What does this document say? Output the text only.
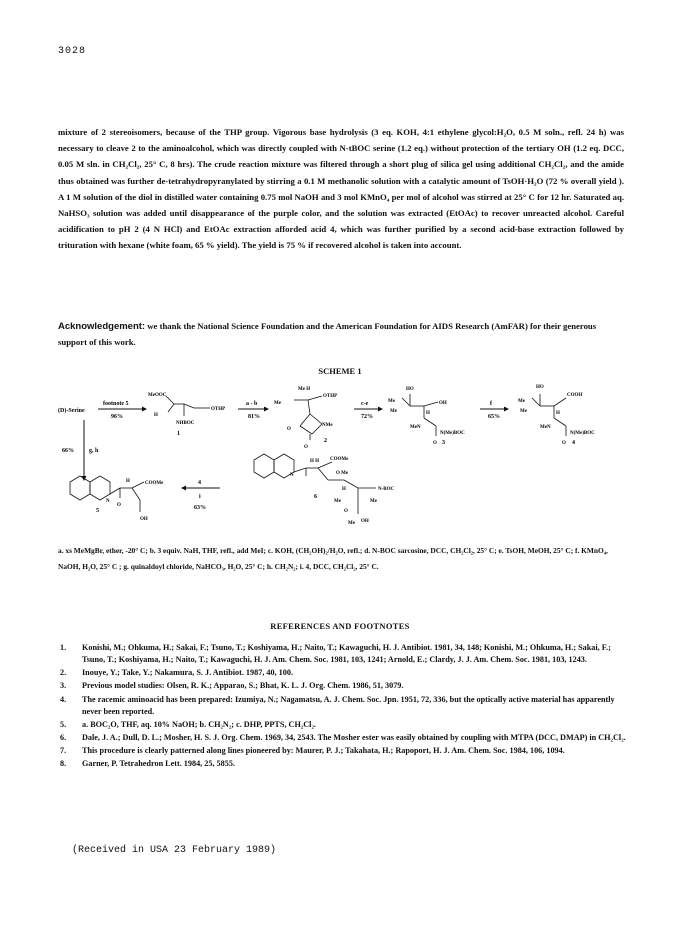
3028

mixture of 2 stereoisomers, because of the THP group. Vigorous base hydrolysis (3 eq. KOH, 4:1 ethylene glycol:H₂O, 0.5 M soln., refl. 24 h) was necessary to cleave 2 to the aminoalcohol, which was directly coupled with N-tBOC serine (1.2 eq.) without protection of the tertiary OH (1.2 eq. DCC, 0.05 M sln. in CH₂Cl₂, 25° C, 8 hrs). The crude reaction mixture was filtered through a short plug of silica gel using additional CH₂Cl₂, and the amide thus obtained was further de-tetrahydropyranylated by stirring a 0.1 M methanolic solution with a catalytic amount of TsOH·H₂O (72 % overall yield ). A 1 M solution of the diol in distilled water containing 0.75 mol NaOH and 3 mol KMnO₄ per mol of alcohol was stirred at 25° C for 12 hr. Saturated aq. NaHSO₃ solution was added until disappearance of the purple color, and the solution was extracted (EtOAc) to recover unreacted alcohol. Careful acidification to pH 2 (4 N HCl) and EtOAc extraction afforded acid 4, which was further purified by a second acid-base extraction followed by trituration with hexane (white foam, 65 % yield). The yield is 75 % if recovered alcohol is taken into account.

Acknowledgement: we thank the National Science Foundation and the American Foundation for AIDS Research (AmFAR) for their generous support of this work.
SCHEME 1
(D)-Serine
footnote 5
96%
MeOOC
OTHP
H
NHBOC
1
a - b
81%
Me H
Me
OTHP
NMe
O
O
2
c-e
72%
HO
Me
Me
OH
H
MeN
N(Me)BOC
O 3
f
65%
HO
Me
Me
COOH
H
MeN
N(Me)BOC
O 4
66%	g, h
N
H	COOMe
OH
O
5
4
i
63%
N
H H COOMe
O Me
H	N-BOC
Me	Me
O
Me OH
6
a. xs MeMgBr, ether, -20° C; b. 3 equiv. NaH, THF, refl., add MeI; c. KOH, (CH₂OH)₂/H₂O, refl.; d. N-BOC sarcosine, DCC, CH₂Cl₂, 25° C; e. TsOH, MeOH, 25° C; f. KMnO₄, NaOH, H₂O, 25° C ; g. quinaldoyl chloride, NaHCO₃, H₂O, 25° C; h. CH₂N₂; i. 4, DCC, CH₂Cl₂, 25° C.
REFERENCES AND FOOTNOTES
1. Konishi, M.; Ohkuma, H.; Sakai, F.; Tsuno, T.; Koshiyama, H.; Naito, T.; Kawaguchi, H. J. Antibiot. 1981, 34, 148; Konishi, M.; Ohkuma, H.; Sakai, F.; Tsuno, T.; Koshiyama, H.; Naito, T.; Kawaguchi, H. J. Am. Chem. Soc. 1981, 103, 1241; Arnold, E.; Clardy, J. J. Am. Chem. Soc. 1981, 103, 1243.
2. Inouye, Y.; Take, Y.; Nakamura, S. J. Antibiot. 1987, 40, 100.
3. Previous model studies: Olsen, R. K.; Apparao, S.; Bhat, K. L. J. Org. Chem. 1986, 51, 3079.
4. The racemic aminoacid has been prepared: Izumiya, N.; Nagamatsu, A. J. Chem. Soc. Jpn. 1951, 72, 336, but the optically active material has apparently never been reported.
5. a. BOC₂O, THF, aq. 10% NaOH; b. CH₂N₂; c. DHP, PPTS, CH₂Cl₂.
6. Dale, J. A.; Dull, D. L.; Mosher, H. S. J. Org. Chem. 1969, 34, 2543. The Mosher ester was easily obtained by coupling with MTPA (DCC, DMAP) in CH₂Cl₂.
7. This procedure is clearly patterned along lines pioneered by: Maurer, P. J.; Takahata, H.; Rapoport, H. J. Am. Chem. Soc. 1984, 106, 1094.
8. Garner, P. Tetrahedron Lett. 1984, 25, 5855.
(Received in USA 23 February 1989)
